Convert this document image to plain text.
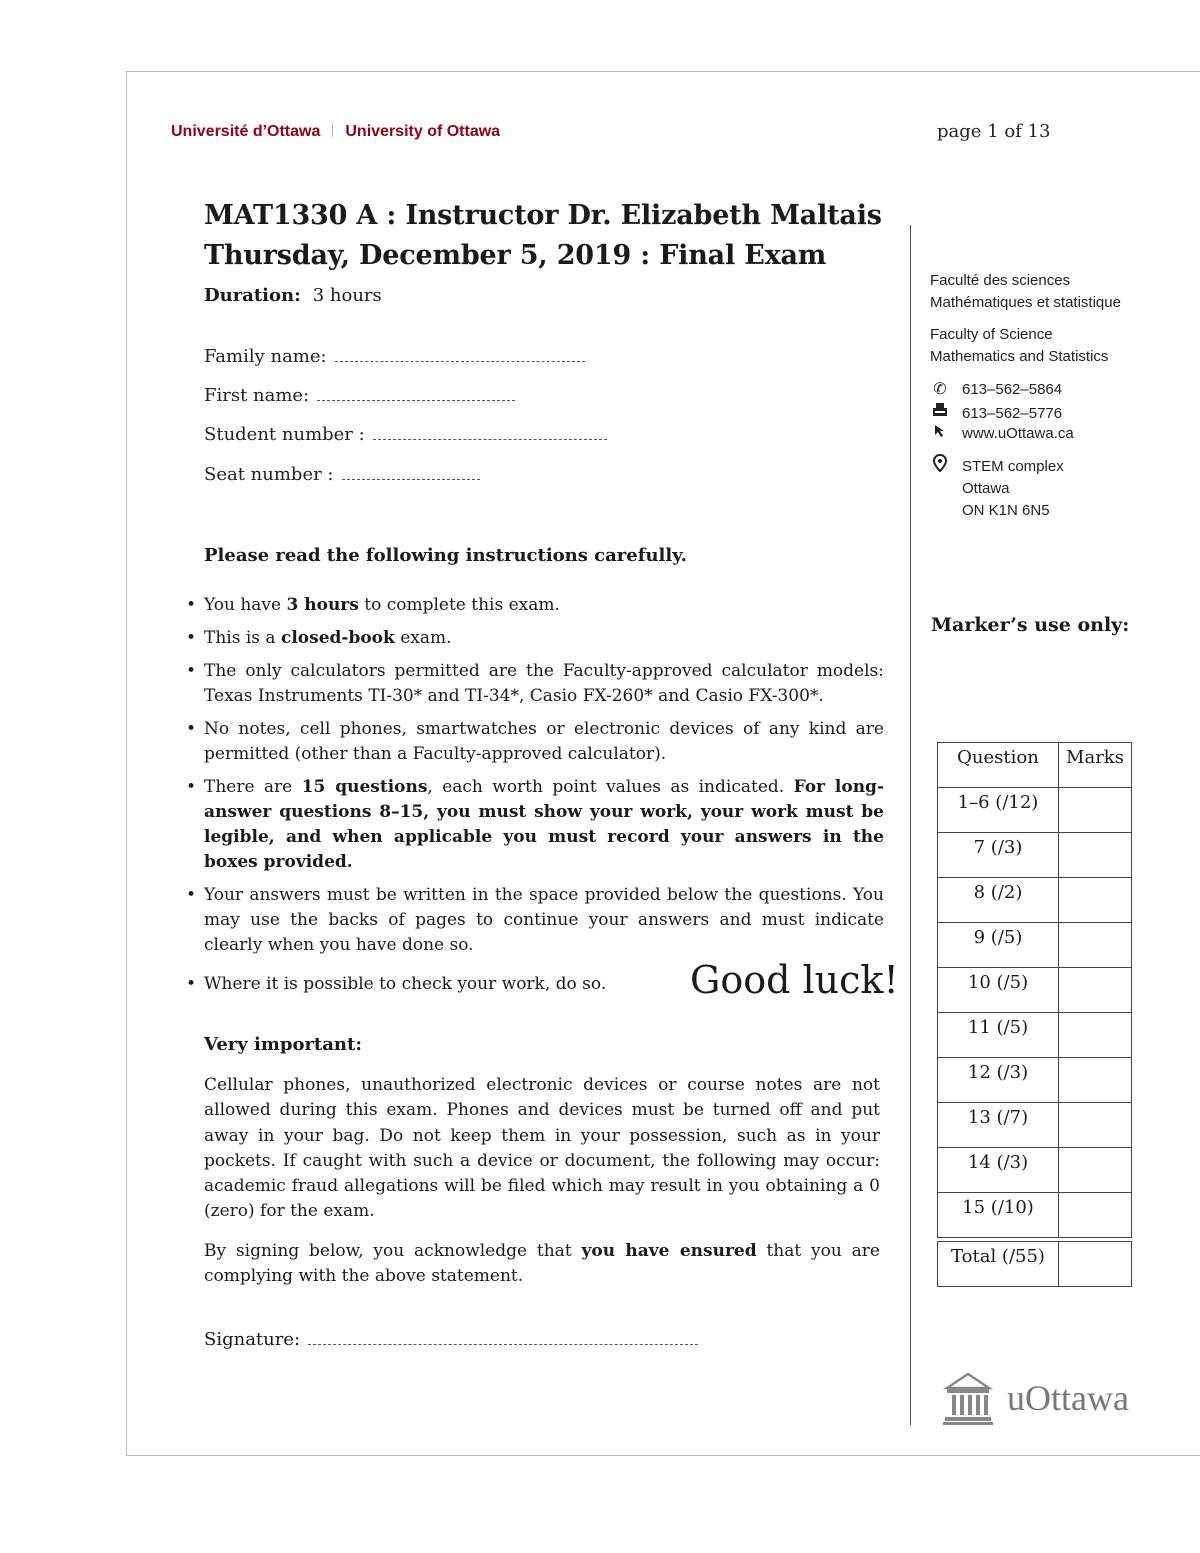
Université d’Ottawa University of Ottawa	page 1 of 13
MAT1330 A : Instructor Dr. Elizabeth Maltais
Thursday, December 5, 2019 : Final Exam
Duration: 3 hours
Family name:
First name:
Student number :
Seat number :
Please read the following instructions carefully.
• You have 3 hours to complete this exam.
• This is a closed-book exam.
• The only calculators permitted are the Faculty-approved calculator models: Texas Instruments TI-30* and TI-34*, Casio FX-260* and Casio FX-300*.
• No notes, cell phones, smartwatches or electronic devices of any kind are permitted (other than a Faculty-approved calculator).
• There are 15 questions, each worth point values as indicated. For long-answer questions 8–15, you must show your work, your work must be legible, and when applicable you must record your answers in the boxes provided.
• Your answers must be written in the space provided below the questions. You may use the backs of pages to continue your answers and must indicate clearly when you have done so.
• Where it is possible to check your work, do so.	Good luck!
Very important:

Cellular phones, unauthorized electronic devices or course notes are not allowed during this exam. Phones and devices must be turned off and put away in your bag. Do not keep them in your possession, such as in your pockets. If caught with such a device or document, the following may occur: academic fraud allegations will be filed which may result in you obtaining a 0 (zero) for the exam.

By signing below, you acknowledge that you have ensured that you are complying with the above statement.

Signature:
Faculté des sciences
Mathématiques et statistique
Faculty of Science
Mathematics and Statistics
✆ 613–562–5864
613–562–5776
www.uOttawa.ca
STEM complex
Ottawa
ON K1N 6N5
Marker’s use only:
Question	Marks
1–6 (/12)	
7 (/3)	
8 (/2)	
9 (/5)	
10 (/5)	
11 (/5)	
12 (/3)	
13 (/7)	
14 (/3)	
15 (/10)	

Total (/55)	
uOttawa
